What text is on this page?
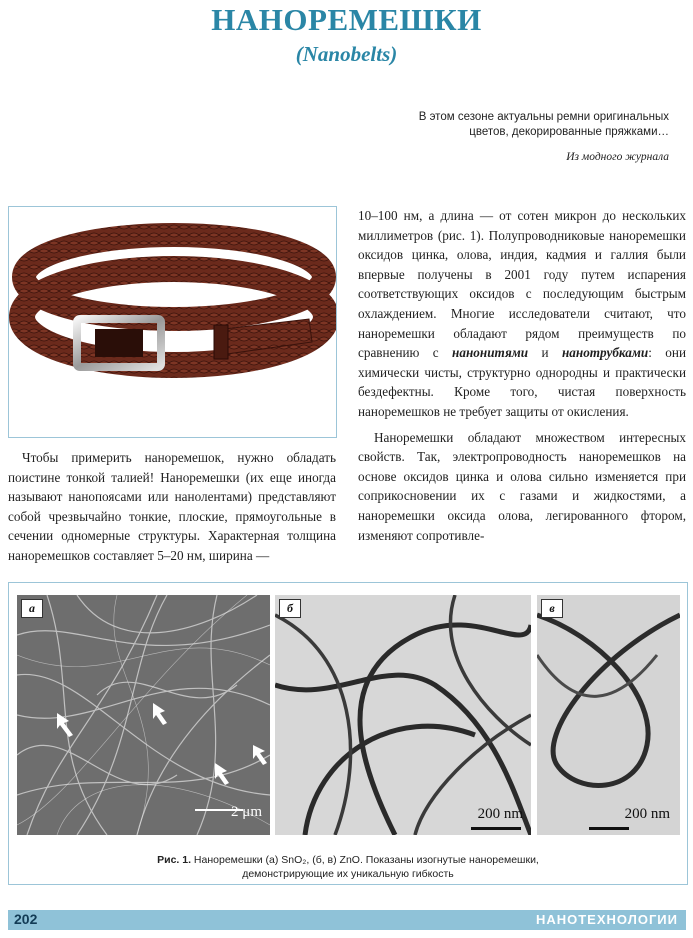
НАНОРЕМЕШКИ
(Nanobelts)
В этом сезоне актуальны ремни оригинальных
цветов, декорированные пряжками…
Из модного журнала

Чтобы примерить наноремешок, нужно обладать поистине тонкой талией! Наноремешки (их еще иногда называют нанопоясами или нанолентами) представляют собой чрезвычайно тонкие, плоские, прямоугольные в сечении одномерные структуры. Характерная толщина наноремешков составляет 5–20 нм, ширина —

10–100 нм, а длина — от сотен микрон до нескольких миллиметров (рис. 1). Полупроводниковые наноремешки оксидов цинка, олова, индия, кадмия и галлия были впервые получены в 2001 году путем испарения соответствующих оксидов с последующим быстрым охлаждением. Многие исследователи считают, что наноремешки обладают рядом преимуществ по сравнению с нанонитями и нанотрубками: они химически чисты, структурно однородны и практически бездефектны. Кроме того, чистая поверхность наноремешков не требует защиты от окисления.

Наноремешки обладают множеством интересных свойств. Так, электропроводность наноремешков на основе оксидов цинка и олова сильно изменяется при соприкосновении их с газами и жидкостями, а наноремешки оксида олова, легированного фтором, изменяют сопротивле-

а
2 μm
б
200 nm
в
200 nm
Рис. 1. Наноремешки (а) SnO₂, (б, в) ZnO. Показаны изогнутые наноремешки,
демонстрирующие их уникальную гибкость
202	НАНОТЕХНОЛОГИИ
